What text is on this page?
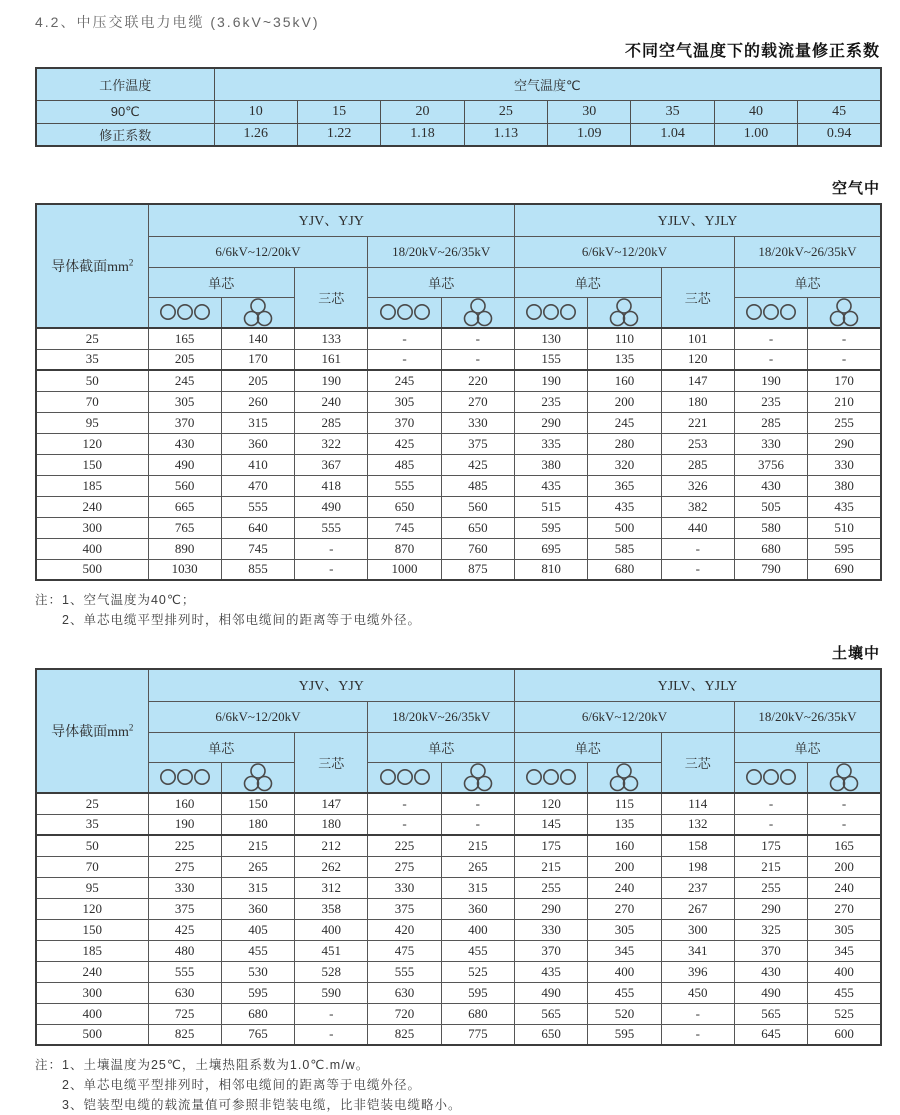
4.2、中压交联电力电缆 (3.6kV~35kV)
不同空气温度下的载流量修正系数
工作温度	空气温度℃							
90℃	10	15	20	25	30	35	40	45
修正系数	1.26	1.22	1.18	1.13	1.09	1.04	1.00	0.94
空气中
导体截面$mm^2$	YJV、YJY					YJLV、YJLY				
	6/6kV~12/20kV			18/20kV~26/35kV		6/6kV~12/20kV			18/20kV~26/35kV	
	单芯		三芯	单芯		单芯		三芯	单芯	

25	165	140	133	-	-	130	110	101	-	-
35	205	170	161	-	-	155	135	120	-	-
50	245	205	190	245	220	190	160	147	190	170
70	305	260	240	305	270	235	200	180	235	210
95	370	315	285	370	330	290	245	221	285	255
120	430	360	322	425	375	335	280	253	330	290
150	490	410	367	485	425	380	320	285	3756	330
185	560	470	418	555	485	435	365	326	430	380
240	665	555	490	650	560	515	435	382	505	435
300	765	640	555	745	650	595	500	440	580	510
400	890	745	-	870	760	695	585	-	680	595
500	1030	855	-	1000	875	810	680	-	790	690
注：1、空气温度为40℃；
2、单芯电缆平型排列时，相邻电缆间的距离等于电缆外径。
土壤中
导体截面$mm^2$	YJV、YJY					YJLV、YJLY				
	6/6kV~12/20kV			18/20kV~26/35kV		6/6kV~12/20kV			18/20kV~26/35kV	
	单芯		三芯	单芯		单芯		三芯	单芯	

25	160	150	147	-	-	120	115	114	-	-
35	190	180	180	-	-	145	135	132	-	-
50	225	215	212	225	215	175	160	158	175	165
70	275	265	262	275	265	215	200	198	215	200
95	330	315	312	330	315	255	240	237	255	240
120	375	360	358	375	360	290	270	267	290	270
150	425	405	400	420	400	330	305	300	325	305
185	480	455	451	475	455	370	345	341	370	345
240	555	530	528	555	525	435	400	396	430	400
300	630	595	590	630	595	490	455	450	490	455
400	725	680	-	720	680	565	520	-	565	525
500	825	765	-	825	775	650	595	-	645	600
注：1、土壤温度为25℃，土壤热阻系数为1.0℃.m/w。
2、单芯电缆平型排列时，相邻电缆间的距离等于电缆外径。
3、铠装型电缆的载流量值可参照非铠装电缆，比非铠装电缆略小。
